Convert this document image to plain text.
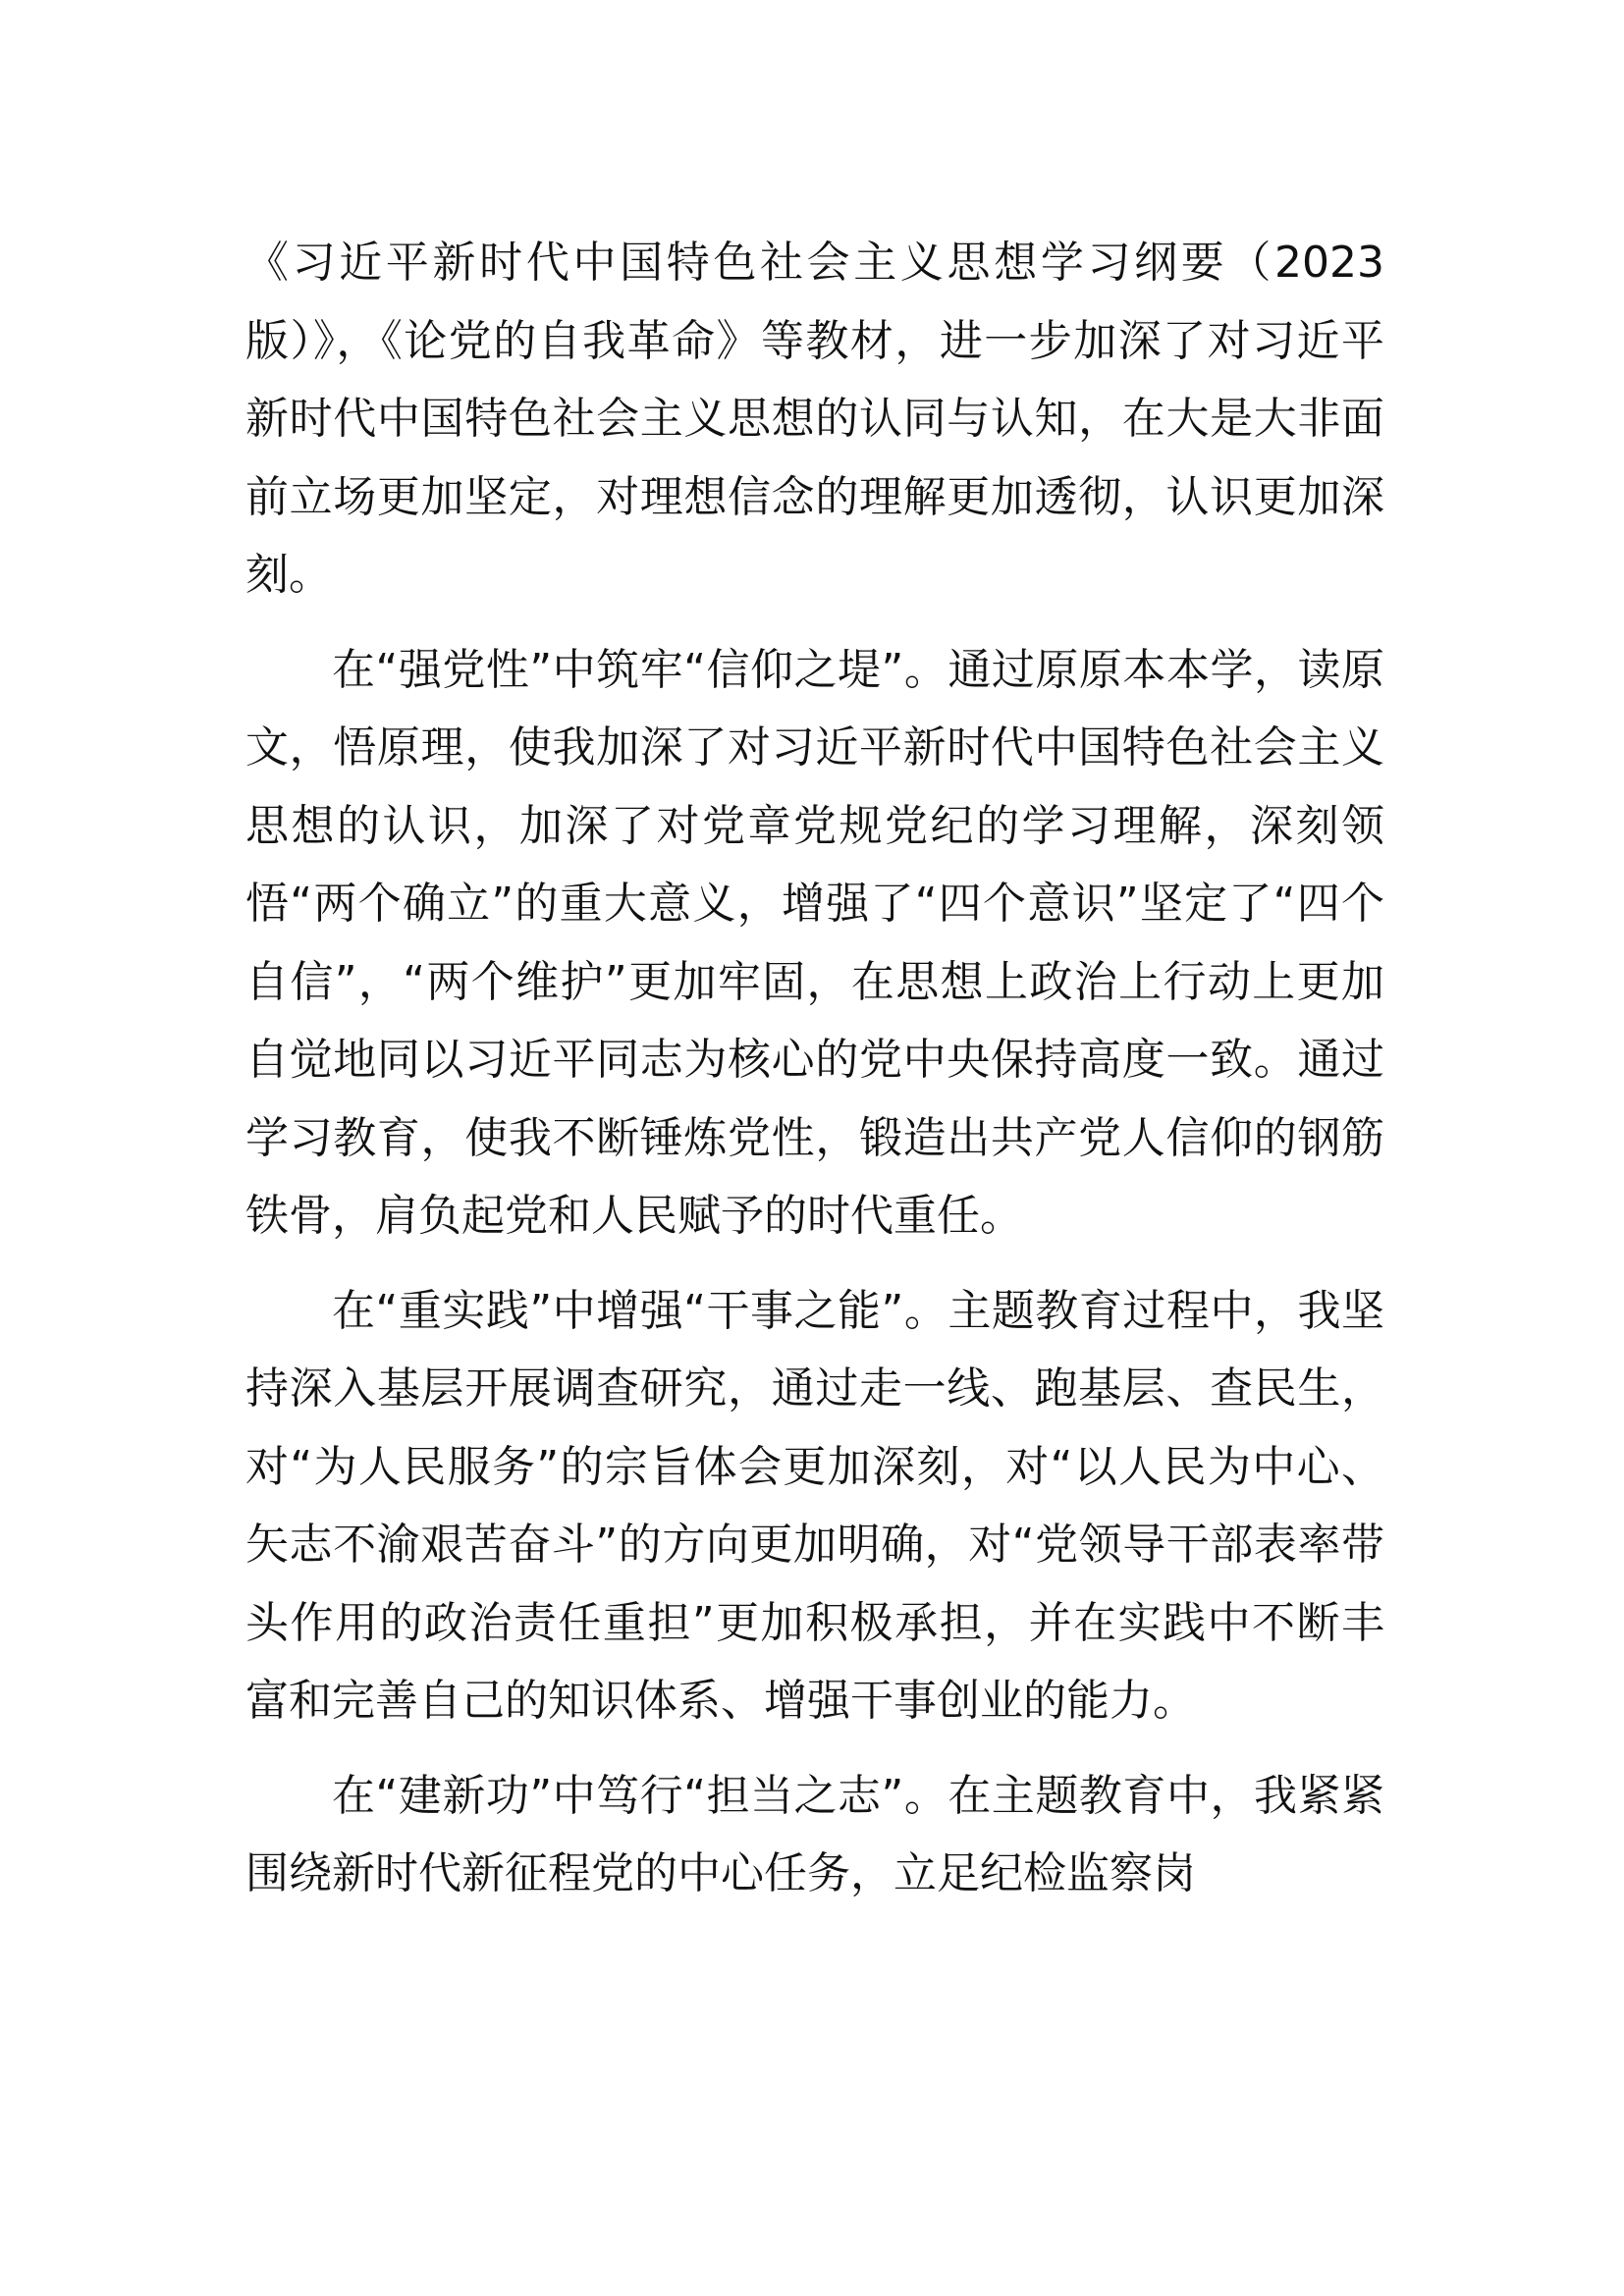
《习近平新时代中国特色社会主义思想学习纲要（2023版）》，《论党的自我革命》等教材，进一步加深了对习近平新时代中国特色社会主义思想的认同与认知，在大是大非面前立场更加坚定，对理想信念的理解更加透彻，认识更加深刻。

在“强党性”中筑牢“信仰之堤”。通过原原本本学，读原文，悟原理，使我加深了对习近平新时代中国特色社会主义思想的认识，加深了对党章党规党纪的学习理解，深刻领悟“两个确立”的重大意义，增强了“四个意识”坚定了“四个自信”，“两个维护”更加牢固，在思想上政治上行动上更加自觉地同以习近平同志为核心的党中央保持高度一致。通过学习教育，使我不断锤炼党性，锻造出共产党人信仰的钢筋铁骨，肩负起党和人民赋予的时代重任。

在“重实践”中增强“干事之能”。主题教育过程中，我坚持深入基层开展调查研究，通过走一线、跑基层、查民生，对“为人民服务”的宗旨体会更加深刻，对“以人民为中心、矢志不渝艰苦奋斗”的方向更加明确，对“党领导干部表率带头作用的政治责任重担”更加积极承担，并在实践中不断丰富和完善自己的知识体系、增强干事创业的能力。

在“建新功”中笃行“担当之志”。在主题教育中，我紧紧围绕新时代新征程党的中心任务，立足纪检监察岗
